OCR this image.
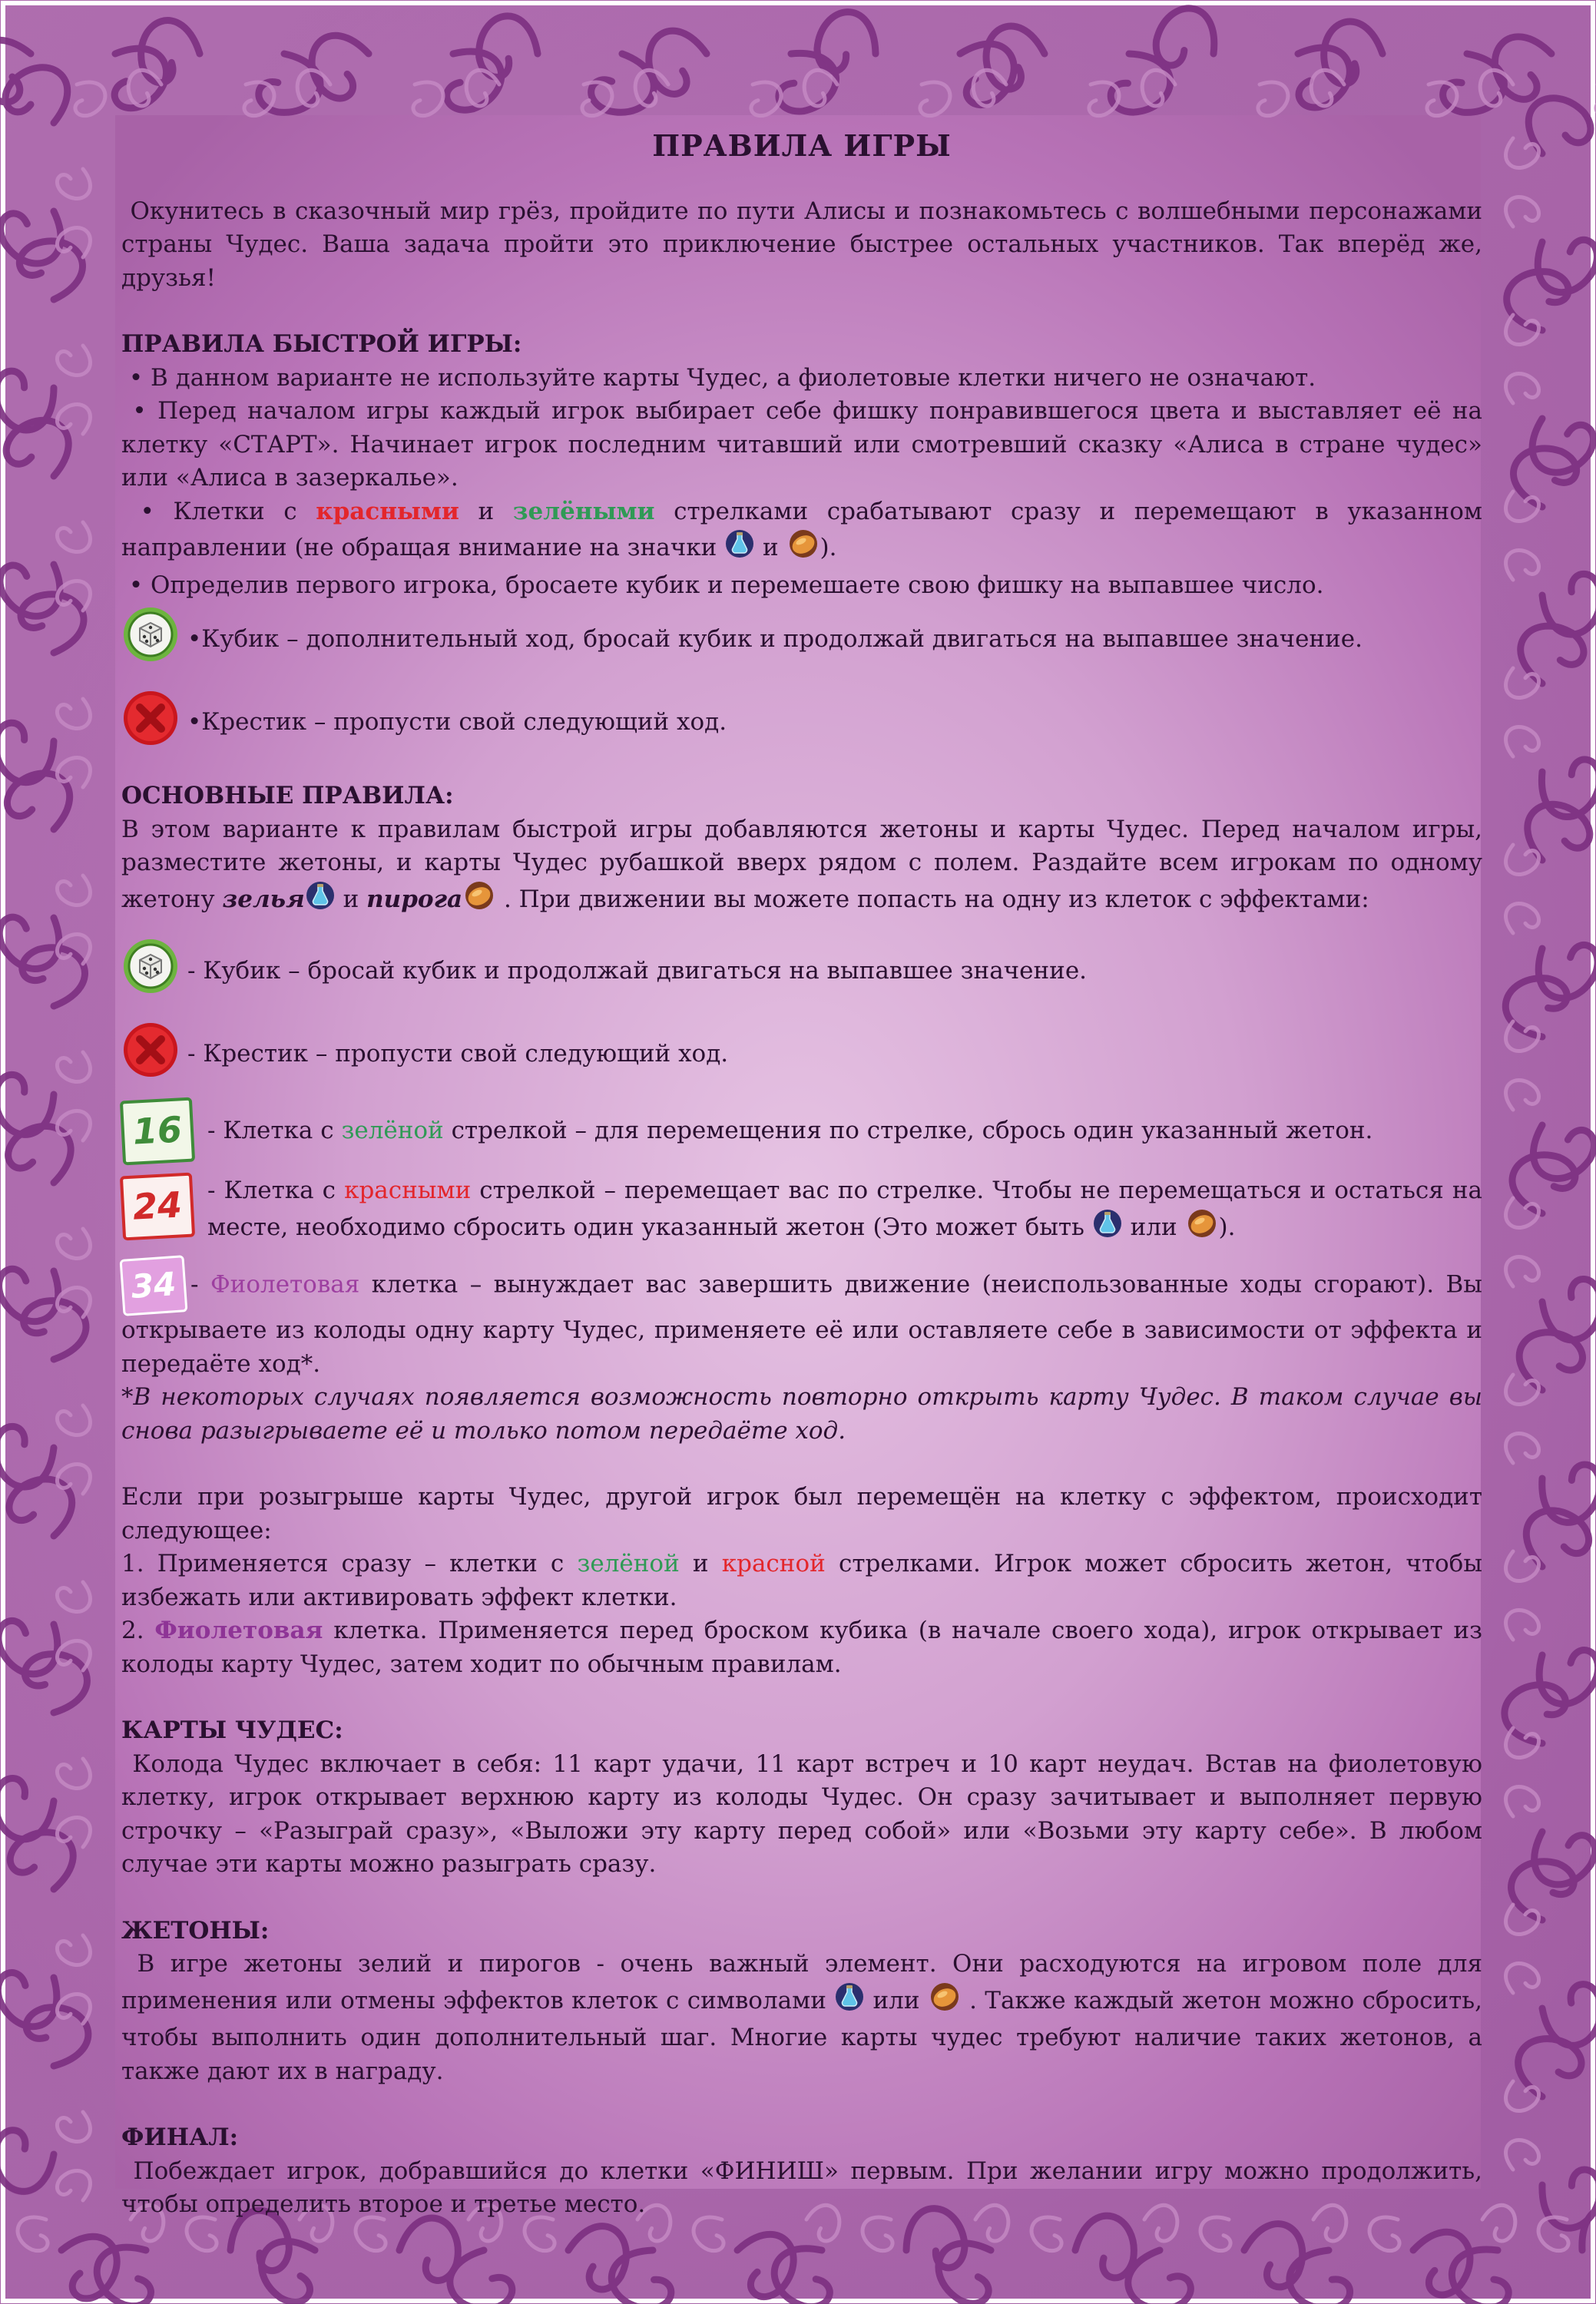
ПРАВИЛА ИГРЫ

Окунитесь в сказочный мир грёз, пройдите по пути Алисы и познакомьтесь с волшебными персонажами страны Чудес. Ваша задача пройти это приключение быстрее остальных участников. Так вперёд же, друзья!

ПРАВИЛА БЫСТРОЙ ИГРЫ:

• В данном варианте не используйте карты Чудес, а фиолетовые клетки ничего не означают.

• Перед началом игры каждый игрок выбирает себе фишку понравившегося цвета и выставляет её на клетку «СТАРТ». Начинает игрок последним читавший или смотревший сказку «Алиса в стране чудес» или «Алиса в зазеркалье».

• Клетки с красными и зелёными стрелками срабатывают сразу и перемещают в указанном направлении (не обращая внимание на значки  и ).

• Определив первого игрока, бросаете кубик и перемешаете свою фишку на выпавшее число.

•Кубик – дополнительный ход, бросай кубик и продолжай двигаться на выпавшее значение.
•Крестик – пропусти свой следующий ход.

ОСНОВНЫЕ ПРАВИЛА:

В этом варианте к правилам быстрой игры добавляются жетоны и карты Чудес. Перед началом игры, разместите жетоны, и карты Чудес рубашкой вверх рядом с полем. Раздайте всем игрокам по одному жетону зелья и пирога . При движении вы можете попасть на одну из клеток с эффектами:

- Кубик – бросай кубик и продолжай двигаться на выпавшее значение.
- Крестик – пропусти свой следующий ход.
16	- Клетка с зелёной стрелкой – для перемещения по стрелке, сбрось один указанный жетон.
24	- Клетка с красными стрелкой – перемещает вас по стрелке. Чтобы не перемещаться и остаться на месте, необходимо сбросить один указанный жетон (Это может быть  или ).

34 - Фиолетовая клетка – вынуждает вас завершить движение (неиспользованные ходы сгорают). Вы открываете из колоды одну карту Чудес, применяете её или оставляете себе в зависимости от эффекта и передаёте ход*.

*В некоторых случаях появляется возможность повторно открыть карту Чудес. В таком случае вы снова разыгрываете её и только потом передаёте ход.

Если при розыгрыше карты Чудес, другой игрок был перемещён на клетку с эффектом, происходит следующее:

1. Применяется сразу – клетки с зелёной и красной стрелками. Игрок может сбросить жетон, чтобы избежать или активировать эффект клетки.

2. Фиолетовая клетка. Применяется перед броском кубика (в начале своего хода), игрок открывает из колоды карту Чудес, затем ходит по обычным правилам.

КАРТЫ ЧУДЕС:

Колода Чудес включает в себя: 11 карт удачи, 11 карт встреч и 10 карт неудач. Встав на фиолетовую клетку, игрок открывает верхнюю карту из колоды Чудес. Он сразу зачитывает и выполняет первую строчку – «Разыграй сразу», «Выложи эту карту перед собой» или «Возьми эту карту себе». В любом случае эти карты можно разыграть сразу.

ЖЕТОНЫ:

В игре жетоны зелий и пирогов - очень важный элемент. Они расходуются на игровом поле для применения или отмены эффектов клеток с символами  или  . Также каждый жетон можно сбросить, чтобы выполнить один дополнительный шаг. Многие карты чудес требуют наличие таких жетонов, а также дают их в награду.

ФИНАЛ:

Побеждает игрок, добравшийся до клетки «ФИНИШ» первым. При желании игру можно продолжить, чтобы определить второе и третье место.
